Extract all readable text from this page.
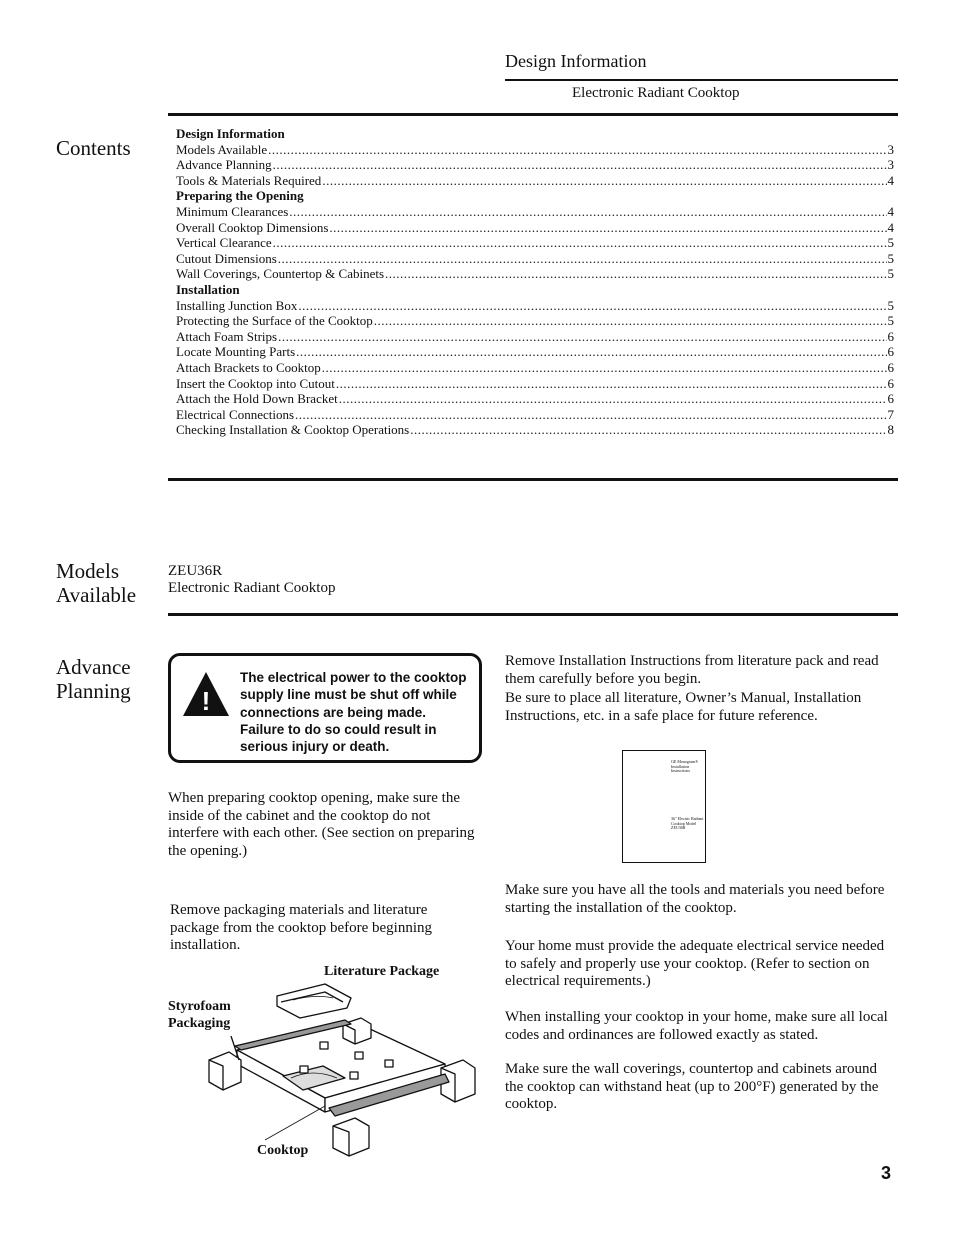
Design Information
Electronic Radiant Cooktop
Contents
Design Information
Models Available .....	3
Advance Planning .....	3
Tools & Materials Required .....	4
Preparing the Opening
Minimum Clearances .....	4
Overall Cooktop Dimensions .....	4
Vertical Clearance .....	5
Cutout Dimensions .....	5
Wall Coverings, Countertop & Cabinets .....	5
Installation
Installing Junction Box .....	5
Protecting the Surface of the Cooktop .....	5
Attach Foam Strips .....	6
Locate Mounting Parts .....	6
Attach Brackets to Cooktop .....	6
Insert the Cooktop into Cutout .....	6
Attach the Hold Down Bracket .....	6
Electrical Connections .....	7
Checking Installation & Cooktop Operations .....	8
Models
Available
ZEU36R
Electronic Radiant Cooktop
Advance
Planning	!
The electrical power to the cooktop supply line must be shut off while connections are being made. Failure to do so could result in serious injury or death.
When preparing cooktop opening, make sure the inside of the cabinet and the cooktop do not interfere with each other. (See section on preparing the opening.)
Remove packaging materials and literature package from the cooktop before beginning installation.
Literature Package
Styrofoam
Packaging
Cooktop
Remove Installation Instructions from literature pack and read them carefully before you begin.
Be sure to place all literature, Owner’s Manual, Installation Instructions, etc. in a safe place for future reference.
GE Monogram® Installation Instructions
36" Electric Radiant Cooktop Model ZEU36R
Make sure you have all the tools and materials you need before starting the installation of the cooktop.
Your home must provide the adequate electrical service needed to safely and properly use your cooktop. (Refer to section on electrical requirements.)
When installing your cooktop in your home, make sure all local codes and ordinances are followed exactly as stated.
Make sure the wall coverings, countertop and cabinets around the cooktop can withstand heat (up to 200°F) generated by the cooktop.
3
